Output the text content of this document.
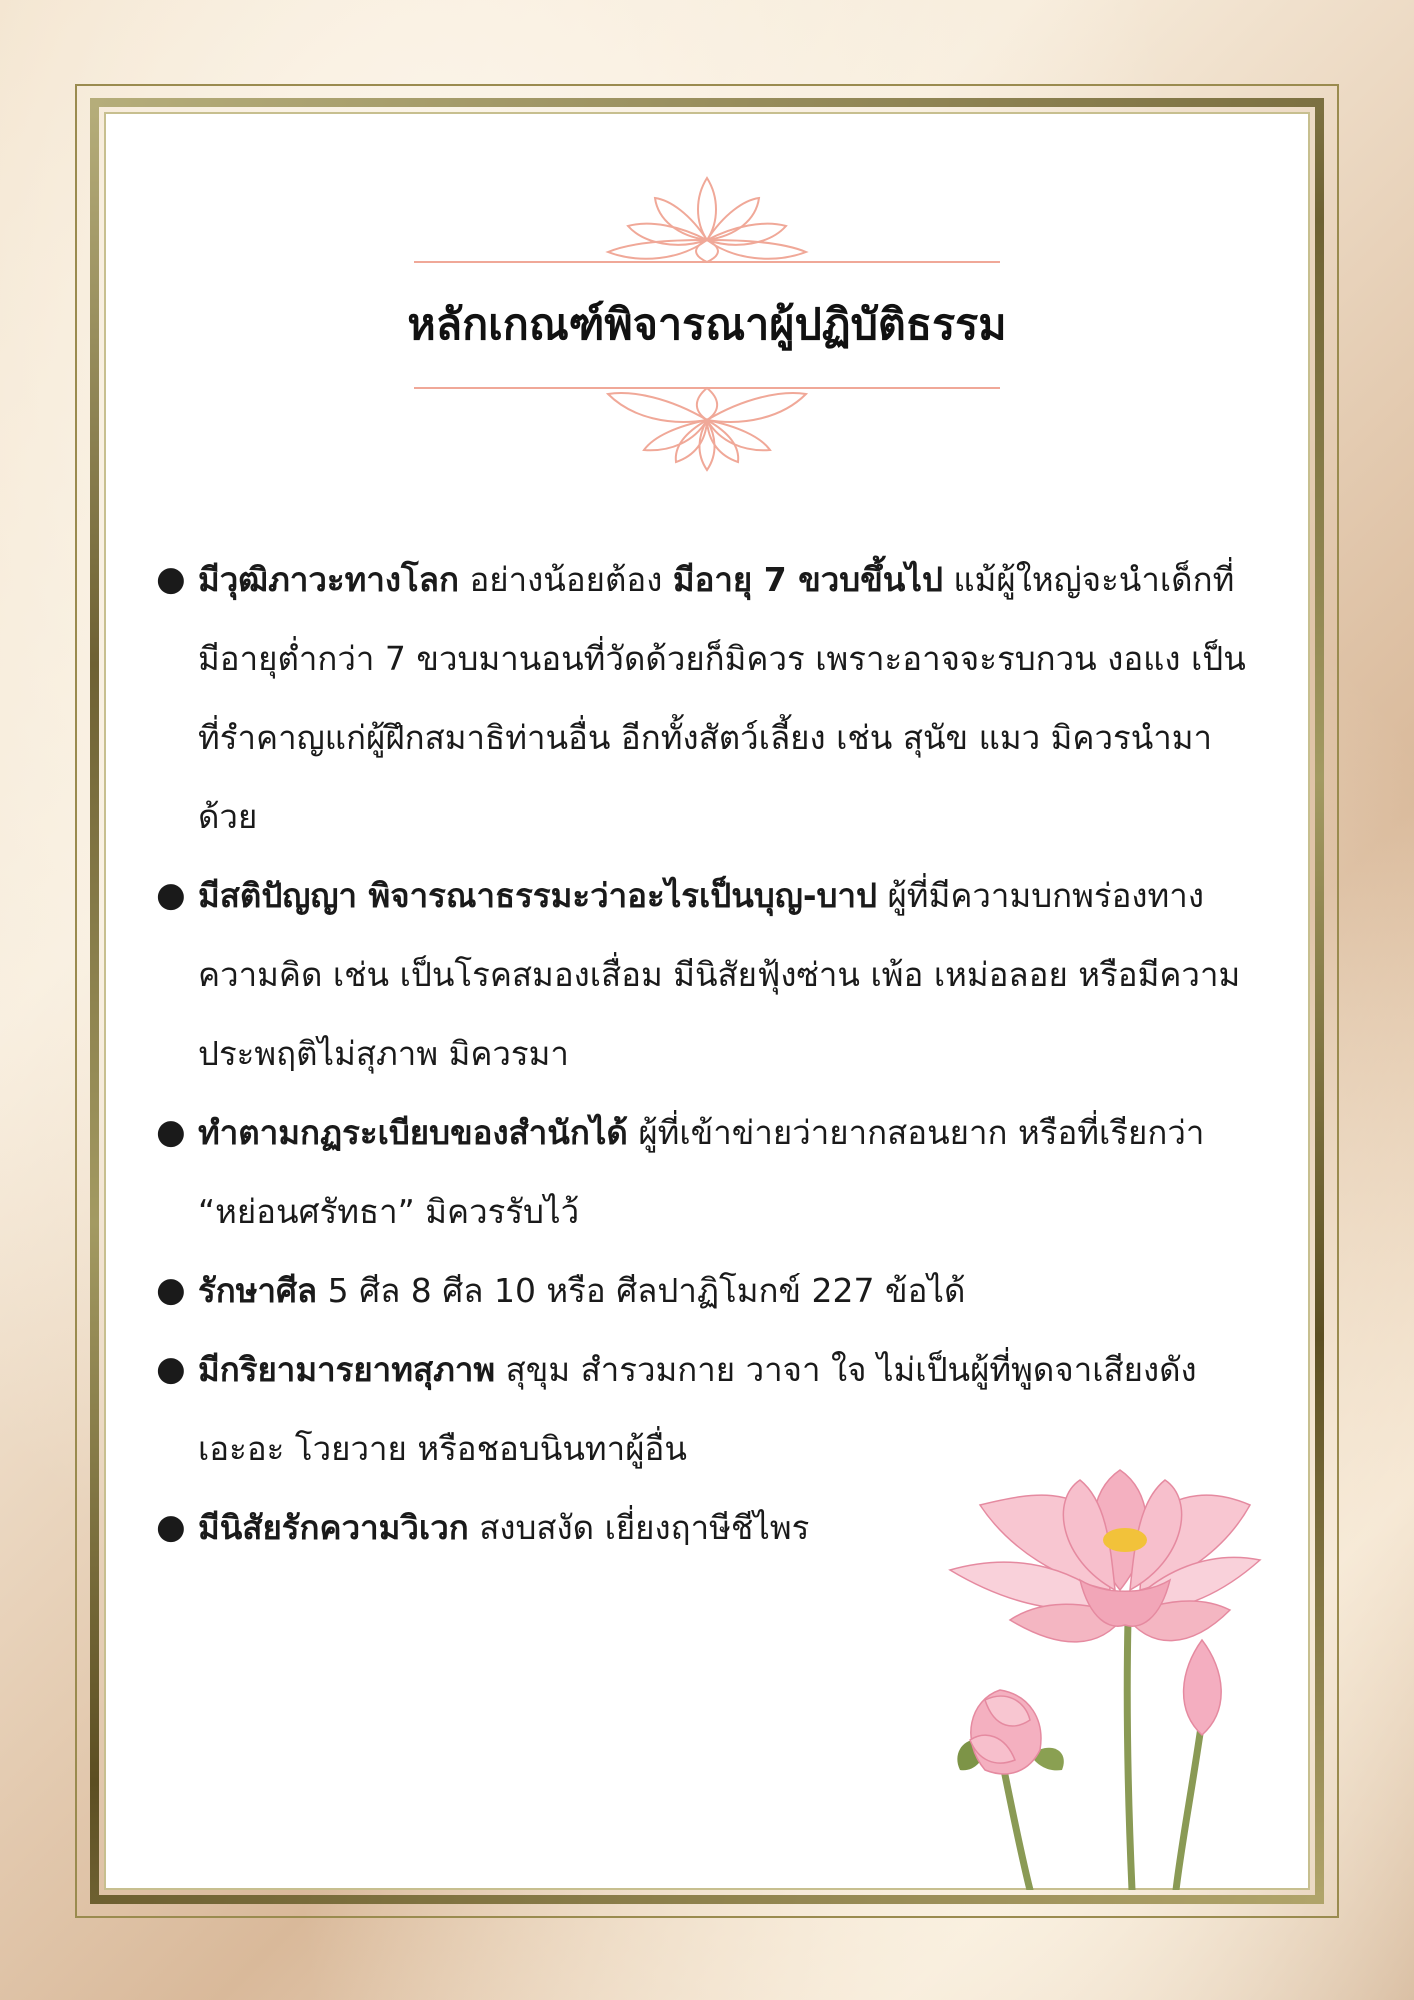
หลักเกณฑ์พิจารณาผู้ปฏิบัติธรรม
● มีวุฒิภาวะทางโลก อย่างน้อยต้อง มีอายุ 7 ขวบขึ้นไป แม้ผู้ใหญ่จะนำเด็กที่มีอายุต่ำกว่า 7 ขวบมานอนที่วัดด้วยก็มิควร เพราะอาจจะรบกวน งอแง เป็นที่รำคาญแก่ผู้ฝึกสมาธิท่านอื่น อีกทั้งสัตว์เลี้ยง เช่น สุนัข แมว มิควรนำมาด้วย
● มีสติปัญญา พิจารณาธรรมะว่าอะไรเป็นบุญ-บาป ผู้ที่มีความบกพร่องทางความคิด เช่น เป็นโรคสมองเสื่อม มีนิสัยฟุ้งซ่าน เพ้อ เหม่อลอย หรือมีความประพฤติไม่สุภาพ มิควรมา
● ทำตามกฏระเบียบของสำนักได้ ผู้ที่เข้าข่ายว่ายากสอนยาก หรือที่เรียกว่า “หย่อนศรัทธา” มิควรรับไว้
● รักษาศีล 5 ศีล 8 ศีล 10 หรือ ศีลปาฏิโมกข์ 227 ข้อได้
● มีกริยามารยาทสุภาพ สุขุม สำรวมกาย วาจา ใจ ไม่เป็นผู้ที่พูดจาเสียงดังเอะอะ โวยวาย หรือชอบนินทาผู้อื่น
● มีนิสัยรักความวิเวก สงบสงัด เยี่ยงฤาษีชีไพร
